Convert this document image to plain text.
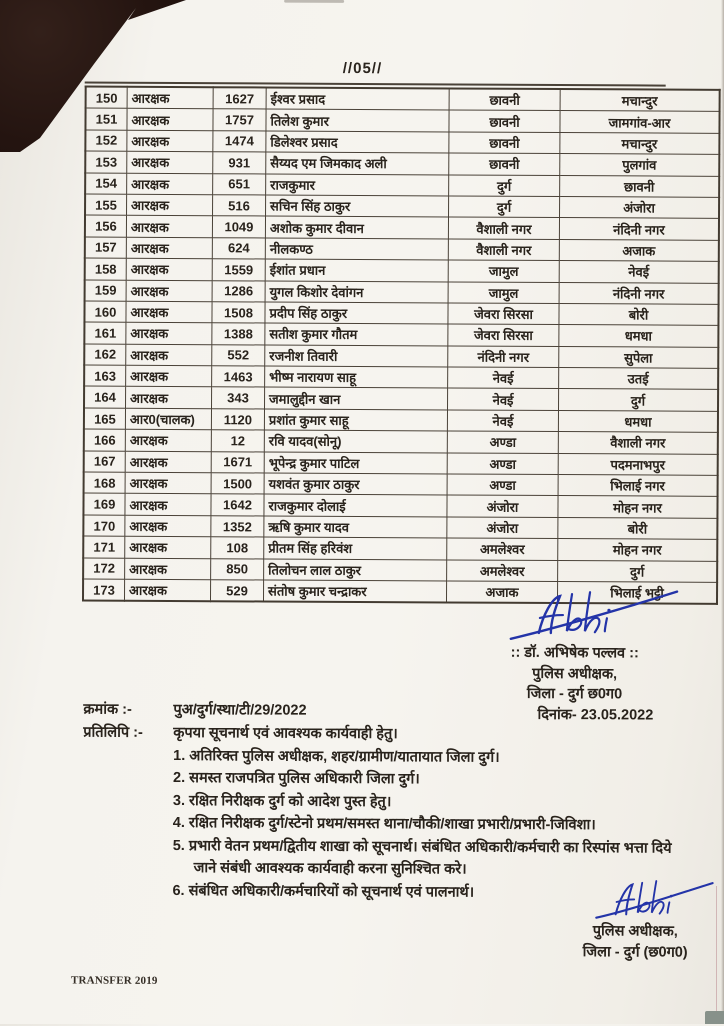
//05//
150	आरक्षक	1627	ईश्वर प्रसाद	छावनी	मचान्दुर
151	आरक्षक	1757	तिलेश कुमार	छावनी	जामगांव-आर
152	आरक्षक	1474	डिलेश्वर प्रसाद	छावनी	मचान्दुर
153	आरक्षक	931	सैय्यद एम जिमकाद अली	छावनी	पुलगांव
154	आरक्षक	651	राजकुमार	दुर्ग	छावनी
155	आरक्षक	516	सचिन सिंह ठाकुर	दुर्ग	अंजोरा
156	आरक्षक	1049	अशोक कुमार दीवान	वैशाली नगर	नंदिनी नगर
157	आरक्षक	624	नीलकण्ठ	वैशाली नगर	अजाक
158	आरक्षक	1559	ईशांत प्रधान	जामुल	नेवई
159	आरक्षक	1286	युगल किशोर देवांगन	जामुल	नंदिनी नगर
160	आरक्षक	1508	प्रदीप सिंह ठाकुर	जेवरा सिरसा	बोरी
161	आरक्षक	1388	सतीश कुमार गौतम	जेवरा सिरसा	धमधा
162	आरक्षक	552	रजनीश तिवारी	नंदिनी नगर	सुपेला
163	आरक्षक	1463	भीष्म नारायण साहू	नेवई	उतई
164	आरक्षक	343	जमालुद्दीन खान	नेवई	दुर्ग
165	आर0(चालक)	1120	प्रशांत कुमार साहू	नेवई	धमधा
166	आरक्षक	12	रवि यादव(सोनू)	अण्डा	वैशाली नगर
167	आरक्षक	1671	भूपेन्द्र कुमार पाटिल	अण्डा	पदमनाभपुर
168	आरक्षक	1500	यशवंत कुमार ठाकुर	अण्डा	भिलाई नगर
169	आरक्षक	1642	राजकुमार दोलाई	अंजोरा	मोहन नगर
170	आरक्षक	1352	ऋषि कुमार यादव	अंजोरा	बोरी
171	आरक्षक	108	प्रीतम सिंह हरिवंश	अमलेश्वर	मोहन नगर
172	आरक्षक	850	तिलोचन लाल ठाकुर	अमलेश्वर	दुर्ग
173	आरक्षक	529	संतोष कुमार चन्द्राकर	अजाक	भिलाई भट्ठी
:: डॉ. अभिषेक पल्लव ::
पुलिस अधीक्षक,
जिला - दुर्ग छ0ग0
दिनांक- 23.05.2022
क्रमांक :-	पुअ/दुर्ग/स्था/टी/29/2022
प्रतिलिपि :-	कृपया सूचनार्थ एवं आवश्यक कार्यवाही हेतु।
1. अतिरिक्त पुलिस अधीक्षक, शहर/ग्रामीण/यातायात जिला दुर्ग।
2. समस्त राजपत्रित पुलिस अधिकारी जिला दुर्ग।
3. रक्षित निरीक्षक दुर्ग को आदेश पुस्त हेतु।
4. रक्षित निरीक्षक दुर्ग/स्टेनो प्रथम/समस्त थाना/चौकी/शाखा प्रभारी/प्रभारी-जिविशा।
5. प्रभारी वेतन प्रथम/द्वितीय शाखा को सूचनार्थ। संबंधित अधिकारी/कर्मचारी का रिस्पांस भत्ता दिये जाने संबंधी आवश्यक कार्यवाही करना सुनिश्चित करे।
6. संबंधित अधिकारी/कर्मचारियों को सूचनार्थ एवं पालनार्थ।
पुलिस अधीक्षक,
जिला - दुर्ग (छ0ग0)
TRANSFER 2019
